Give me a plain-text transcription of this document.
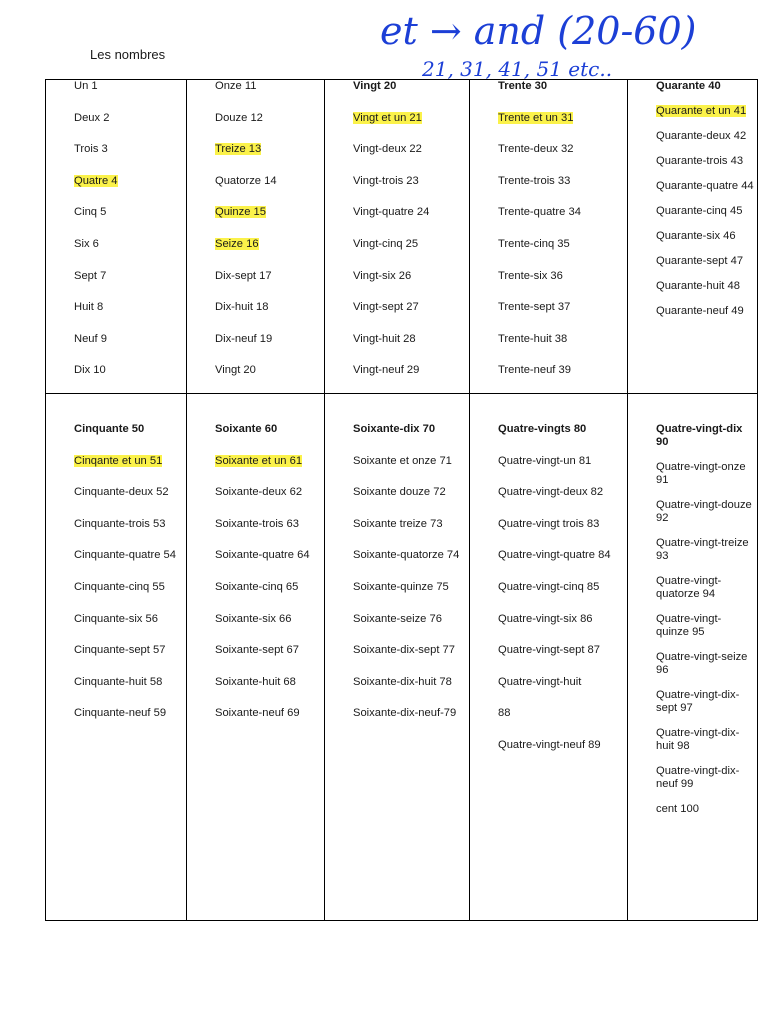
Les nombres
et → and (20-60)
21, 31, 41, 51 etc..
Un 1
Deux 2
Trois 3
Quatre 4
Cinq 5
Six 6
Sept 7
Huit 8
Neuf 9
Dix 10
Onze 11
Douze 12
Treize 13
Quatorze 14
Quinze 15
Seize 16
Dix-sept 17
Dix-huit 18
Dix-neuf 19
Vingt 20
Vingt 20
Vingt et un 21
Vingt-deux 22
Vingt-trois 23
Vingt-quatre 24
Vingt-cinq 25
Vingt-six 26
Vingt-sept 27
Vingt-huit 28
Vingt-neuf 29
Trente 30
Trente et un 31
Trente-deux 32
Trente-trois 33
Trente-quatre 34
Trente-cinq 35
Trente-six 36
Trente-sept 37
Trente-huit 38
Trente-neuf 39
Quarante 40
Quarante et un 41
Quarante-deux 42
Quarante-trois 43
Quarante-quatre 44
Quarante-cinq 45
Quarante-six 46
Quarante-sept 47
Quarante-huit 48
Quarante-neuf 49
Cinquante 50
Cinqante et un 51
Cinquante-deux 52
Cinquante-trois 53
Cinquante-quatre 54
Cinquante-cinq 55
Cinquante-six 56
Cinquante-sept 57
Cinquante-huit 58
Cinquante-neuf 59
Soixante 60
Soixante et un 61
Soixante-deux 62
Soixante-trois 63
Soixante-quatre 64
Soixante-cinq 65
Soixante-six 66
Soixante-sept 67
Soixante-huit 68
Soixante-neuf 69
Soixante-dix 70
Soixante et onze 71
Soixante douze 72
Soixante treize 73
Soixante-quatorze 74
Soixante-quinze 75
Soixante-seize 76
Soixante-dix-sept 77
Soixante-dix-huit 78
Soixante-dix-neuf-79
Quatre-vingts 80
Quatre-vingt-un 81
Quatre-vingt-deux 82
Quatre-vingt trois 83
Quatre-vingt-quatre 84
Quatre-vingt-cinq 85
Quatre-vingt-six 86
Quatre-vingt-sept 87
Quatre-vingt-huit
88
Quatre-vingt-neuf 89
Quatre-vingt-dix 90
Quatre-vingt-onze 91
Quatre-vingt-douze 92
Quatre-vingt-treize 93
Quatre-vingt-quatorze 94
Quatre-vingt-quinze 95
Quatre-vingt-seize 96
Quatre-vingt-dix-sept 97
Quatre-vingt-dix-huit 98
Quatre-vingt-dix-neuf 99
cent 100
